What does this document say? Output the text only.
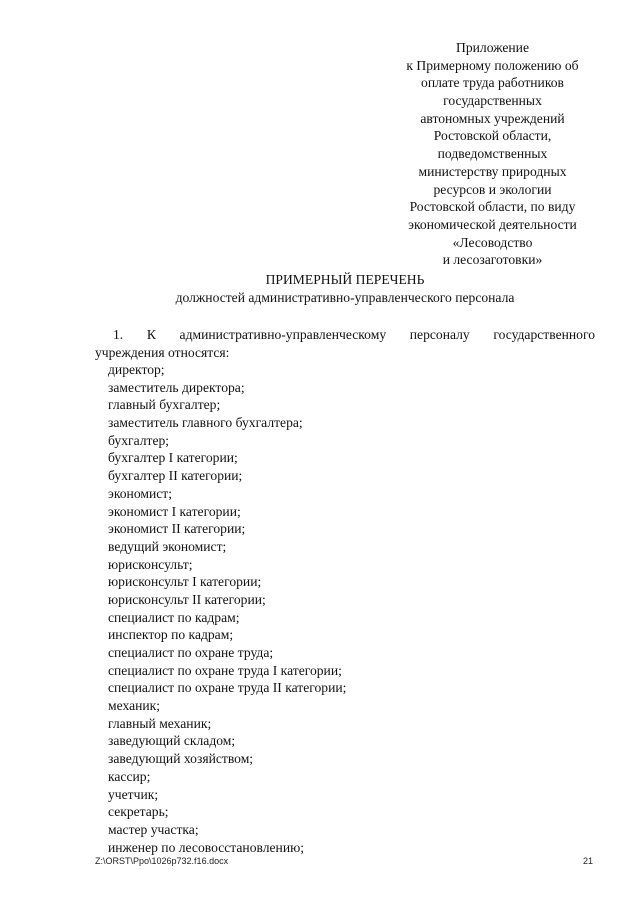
Приложение
к Примерному положению об
оплате труда работников
государственных
автономных учреждений
Ростовской области,
подведомственных
министерству природных
ресурсов и экологии
Ростовской области, по виду
экономической деятельности
«Лесоводство
и лесозаготовки»
ПРИМЕРНЫЙ ПЕРЕЧЕНЬ
должностей административно-управленческого персонала
1. К административно-управленческому персоналу государственного
учреждения относятся:
директор;
заместитель директора;
главный бухгалтер;
заместитель главного бухгалтера;
бухгалтер;
бухгалтер I категории;
бухгалтер II категории;
экономист;
экономист I категории;
экономист II категории;
ведущий экономист;
юрисконсульт;
юрисконсульт I категории;
юрисконсульт II категории;
специалист по кадрам;
инспектор по кадрам;
специалист по охране труда;
специалист по охране труда I категории;
специалист по охране труда II категории;
механик;
главный механик;
заведующий складом;
заведующий хозяйством;
кассир;
учетчик;
секретарь;
мастер участка;
инженер по лесовосстановлению;
Z:\ORST\Ppo\1026p732.f16.docx	21
